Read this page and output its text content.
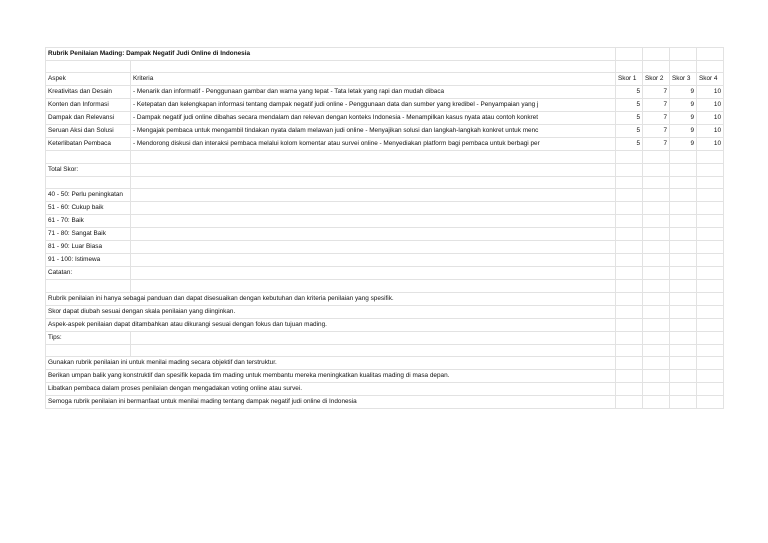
Rubrik Penilaian Mading: Dampak Negatif Judi Online di Indonesia					

Aspek	Kriteria	Skor 1	Skor 2	Skor 3	Skor 4
Kreativitas dan Desain	- Menarik dan informatif - Penggunaan gambar dan warna yang tepat - Tata letak yang rapi dan mudah dibaca	5	7	9	10
Konten dan Informasi	- Ketepatan dan kelengkapan informasi tentang dampak negatif judi online - Penggunaan data dan sumber yang kredibel - Penyampaian yang j	5	7	9	10
Dampak dan Relevansi	- Dampak negatif judi online dibahas secara mendalam dan relevan dengan konteks Indonesia - Menampilkan kasus nyata atau contoh konkret	5	7	9	10
Seruan Aksi dan Solusi	- Mengajak pembaca untuk mengambil tindakan nyata dalam melawan judi online - Menyajikan solusi dan langkah-langkah konkret untuk menc	5	7	9	10
Keterlibatan Pembaca	- Mendorong diskusi dan interaksi pembaca melalui kolom komentar atau survei online - Menyediakan platform bagi pembaca untuk berbagi per	5	7	9	10

Total Skor:					

40 - 50: Perlu peningkatan					
51 - 60: Cukup baik					
61 - 70: Baik					
71 - 80: Sangat Baik					
81 - 90: Luar Biasa					
91 - 100: Istimewa					
Catatan:					

Rubrik penilaian ini hanya sebagai panduan dan dapat disesuaikan dengan kebutuhan dan kriteria penilaian yang spesifik.					
Skor dapat diubah sesuai dengan skala penilaian yang diinginkan.					
Aspek-aspek penilaian dapat ditambahkan atau dikurangi sesuai dengan fokus dan tujuan mading.					
Tips:					

Gunakan rubrik penilaian ini untuk menilai mading secara objektif dan terstruktur.					
Berikan umpan balik yang konstruktif dan spesifik kepada tim mading untuk membantu mereka meningkatkan kualitas mading di masa depan.					
Libatkan pembaca dalam proses penilaian dengan mengadakan voting online atau survei.					
Semoga rubrik penilaian ini bermanfaat untuk menilai mading tentang dampak negatif judi online di Indonesia					
